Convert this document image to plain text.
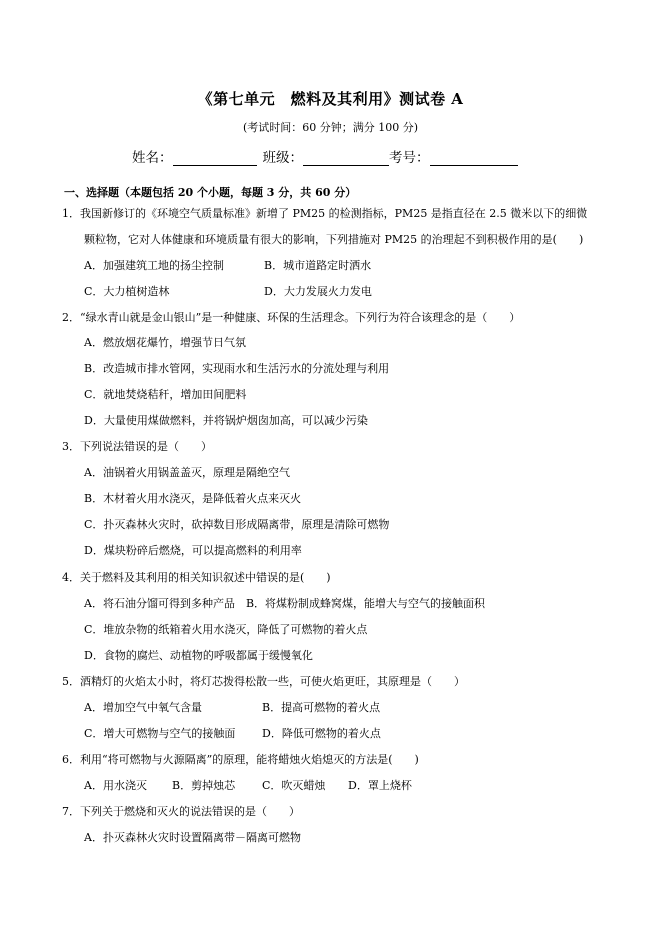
《第七单元　燃料及其利用》测试卷 A
(考试时间：60 分钟；满分 100 分)
姓名：	班级：	考号：
一、选择题（本题包括 20 个小题，每题 3 分，共 60 分）
1．我国新修订的《环境空气质量标准》新增了 PM25 的检测指标，PM25 是指直径在 2.5 微米以下的细微
颗粒物，它对人体健康和环境质量有很大的影响，下列措施对 PM25 的治理起不到积极作用的是(　　)
A．加强建筑工地的扬尘控制	B．城市道路定时洒水
C．大力植树造林	D．大力发展火力发电
2．“绿水青山就是金山银山”是一种健康、环保的生活理念。下列行为符合该理念的是（　　）
A．燃放烟花爆竹，增强节日气氛
B．改造城市排水管网，实现雨水和生活污水的分流处理与利用
C．就地焚烧秸秆，增加田间肥料
D．大量使用煤做燃料，并将锅炉烟囱加高，可以减少污染
3．下列说法错误的是（　　）
A．油锅着火用锅盖盖灭，原理是隔绝空气
B．木材着火用水浇灭，是降低着火点来灭火
C．扑灭森林火灾时，砍掉数目形成隔离带，原理是清除可燃物
D．煤块粉碎后燃烧，可以提高燃料的利用率
4．关于燃料及其利用的相关知识叙述中错误的是(　　)
A．将石油分馏可得到多种产品　B．将煤粉制成蜂窝煤，能增大与空气的接触面积
C．堆放杂物的纸箱着火用水浇灭，降低了可燃物的着火点
D．食物的腐烂、动植物的呼吸都属于缓慢氧化
5．酒精灯的火焰太小时，将灯芯拨得松散一些，可使火焰更旺，其原理是（　　）
A．增加空气中氧气含量	B．提高可燃物的着火点
C．增大可燃物与空气的接触面 D．降低可燃物的着火点
6．利用“将可燃物与火源隔离”的原理，能将蜡烛火焰熄灭的方法是(　　)
A．用水浇灭 B．剪掉烛芯 C．吹灭蜡烛 D．罩上烧杯
7．下列关于燃烧和灭火的说法错误的是（　　）
A．扑灭森林火灾时设置隔离带－隔离可燃物
